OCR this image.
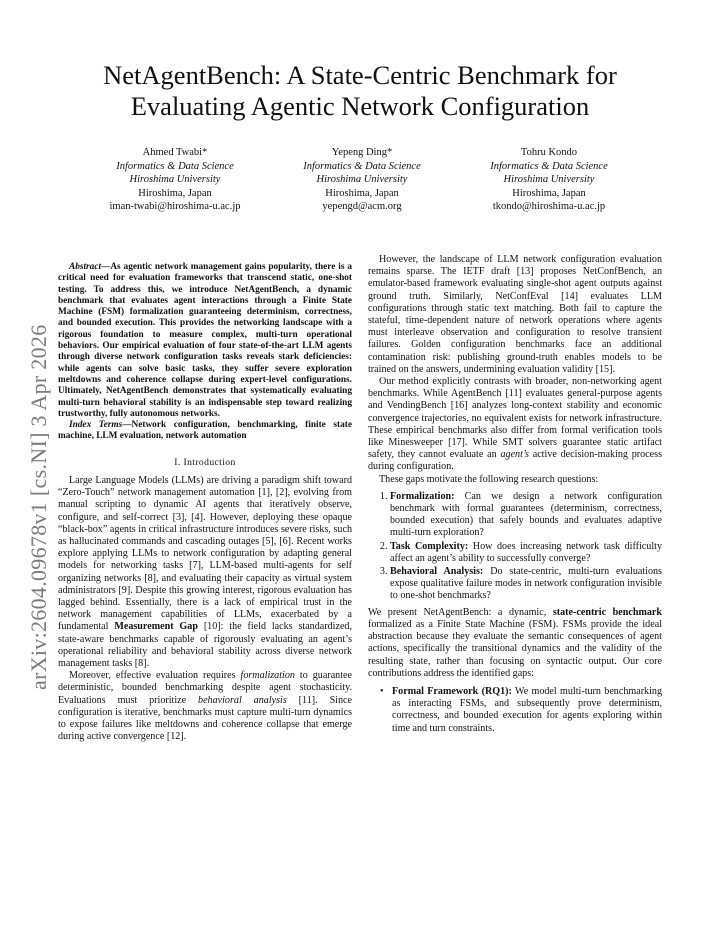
arXiv:2604.09678v1 [cs.NI] 3 Apr 2026
NetAgentBench: A State-Centric Benchmark for Evaluating Agentic Network Configuration
Ahmed Twabi*
Informatics & Data Science
Hiroshima University
Hiroshima, Japan
iman-twabi@hiroshima-u.ac.jp
Yepeng Ding*
Informatics & Data Science
Hiroshima University
Hiroshima, Japan
yepengd@acm.org
Tohru Kondo
Informatics & Data Science
Hiroshima University
Hiroshima, Japan
tkondo@hiroshima-u.ac.jp

Abstract—As agentic network management gains popularity, there is a critical need for evaluation frameworks that transcend static, one-shot testing. To address this, we introduce NetAgentBench, a dynamic benchmark that evaluates agent interactions through a Finite State Machine (FSM) formalization guaranteeing determinism, correctness, and bounded execution. This provides the networking landscape with a rigorous foundation to measure complex, multi-turn operational behaviors. Our empirical evaluation of four state-of-the-art LLM agents through diverse network configuration tasks reveals stark deficiencies: while agents can solve basic tasks, they suffer severe exploration meltdowns and coherence collapse during expert-level configurations. Ultimately, NetAgentBench demonstrates that systematically evaluating multi-turn behavioral stability is an indispensable step toward realizing trustworthy, fully autonomous networks.

Index Terms—Network configuration, benchmarking, finite state machine, LLM evaluation, network automation

I. Introduction

Large Language Models (LLMs) are driving a paradigm shift toward “Zero-Touch” network management automation [1], [2], evolving from manual scripting to dynamic AI agents that iteratively observe, configure, and self-correct [3], [4]. However, deploying these opaque “black-box” agents in critical infrastructure introduces severe risks, such as hallucinated commands and cascading outages [5], [6]. Recent works explore applying LLMs to network configuration by adapting general models for networking tasks [7], LLM-based multi-agents for self organizing networks [8], and evaluating their capacity as virtual system administrators [9]. Despite this growing interest, rigorous evaluation has lagged behind. Essentially, there is a lack of empirical trust in the network management capabilities of LLMs, exacerbated by a fundamental Measurement Gap [10]: the field lacks standardized, state-aware benchmarks capable of rigorously evaluating an agent’s operational reliability and behavioral stability across diverse network management tasks [8].

Moreover, effective evaluation requires formalization to guarantee deterministic, bounded benchmarking despite agent stochasticity. Evaluations must prioritize behavioral analysis [11]. Since configuration is iterative, benchmarks must capture multi-turn dynamics to expose failures like meltdowns and coherence collapse that emerge during active convergence [12].

However, the landscape of LLM network configuration evaluation remains sparse. The IETF draft [13] proposes NetConfBench, an emulator-based framework evaluating single-shot agent outputs against ground truth. Similarly, NetConfEval [14] evaluates LLM configurations through static text matching. Both fail to capture the stateful, time-dependent nature of network operations where agents must interleave observation and configuration to resolve transient failures. Golden configuration benchmarks face an additional contamination risk: publishing ground-truth enables models to be trained on the answers, undermining evaluation validity [15].

Our method explicitly contrasts with broader, non-networking agent benchmarks. While AgentBench [11] evaluates general-purpose agents and VendingBench [16] analyzes long-context stability and economic convergence trajectories, no equivalent exists for network infrastructure. These empirical benchmarks also differ from formal verification tools like Minesweeper [17]. While SMT solvers guarantee static artifact safety, they cannot evaluate an agent’s active decision-making process during configuration.

These gaps motivate the following research questions:

1. Formalization: Can we design a network configuration benchmark with formal guarantees (determinism, correctness, bounded execution) that safely bounds and evaluates adaptive multi-turn exploration?
2. Task Complexity: How does increasing network task difficulty affect an agent’s ability to successfully converge?
3. Behavioral Analysis: Do state-centric, multi-turn evaluations expose qualitative failure modes in network configuration invisible to one-shot benchmarks?

We present NetAgentBench: a dynamic, state-centric benchmark formalized as a Finite State Machine (FSM). FSMs provide the ideal abstraction because they evaluate the semantic consequences of agent actions, specifically the transitional dynamics and the validity of the resulting state, rather than focusing on syntactic output. Our core contributions address the identified gaps:

• Formal Framework (RQ1): We model multi-turn benchmarking as interacting FSMs, and subsequently prove determinism, correctness, and bounded execution for agents exploring within time and turn constraints.
